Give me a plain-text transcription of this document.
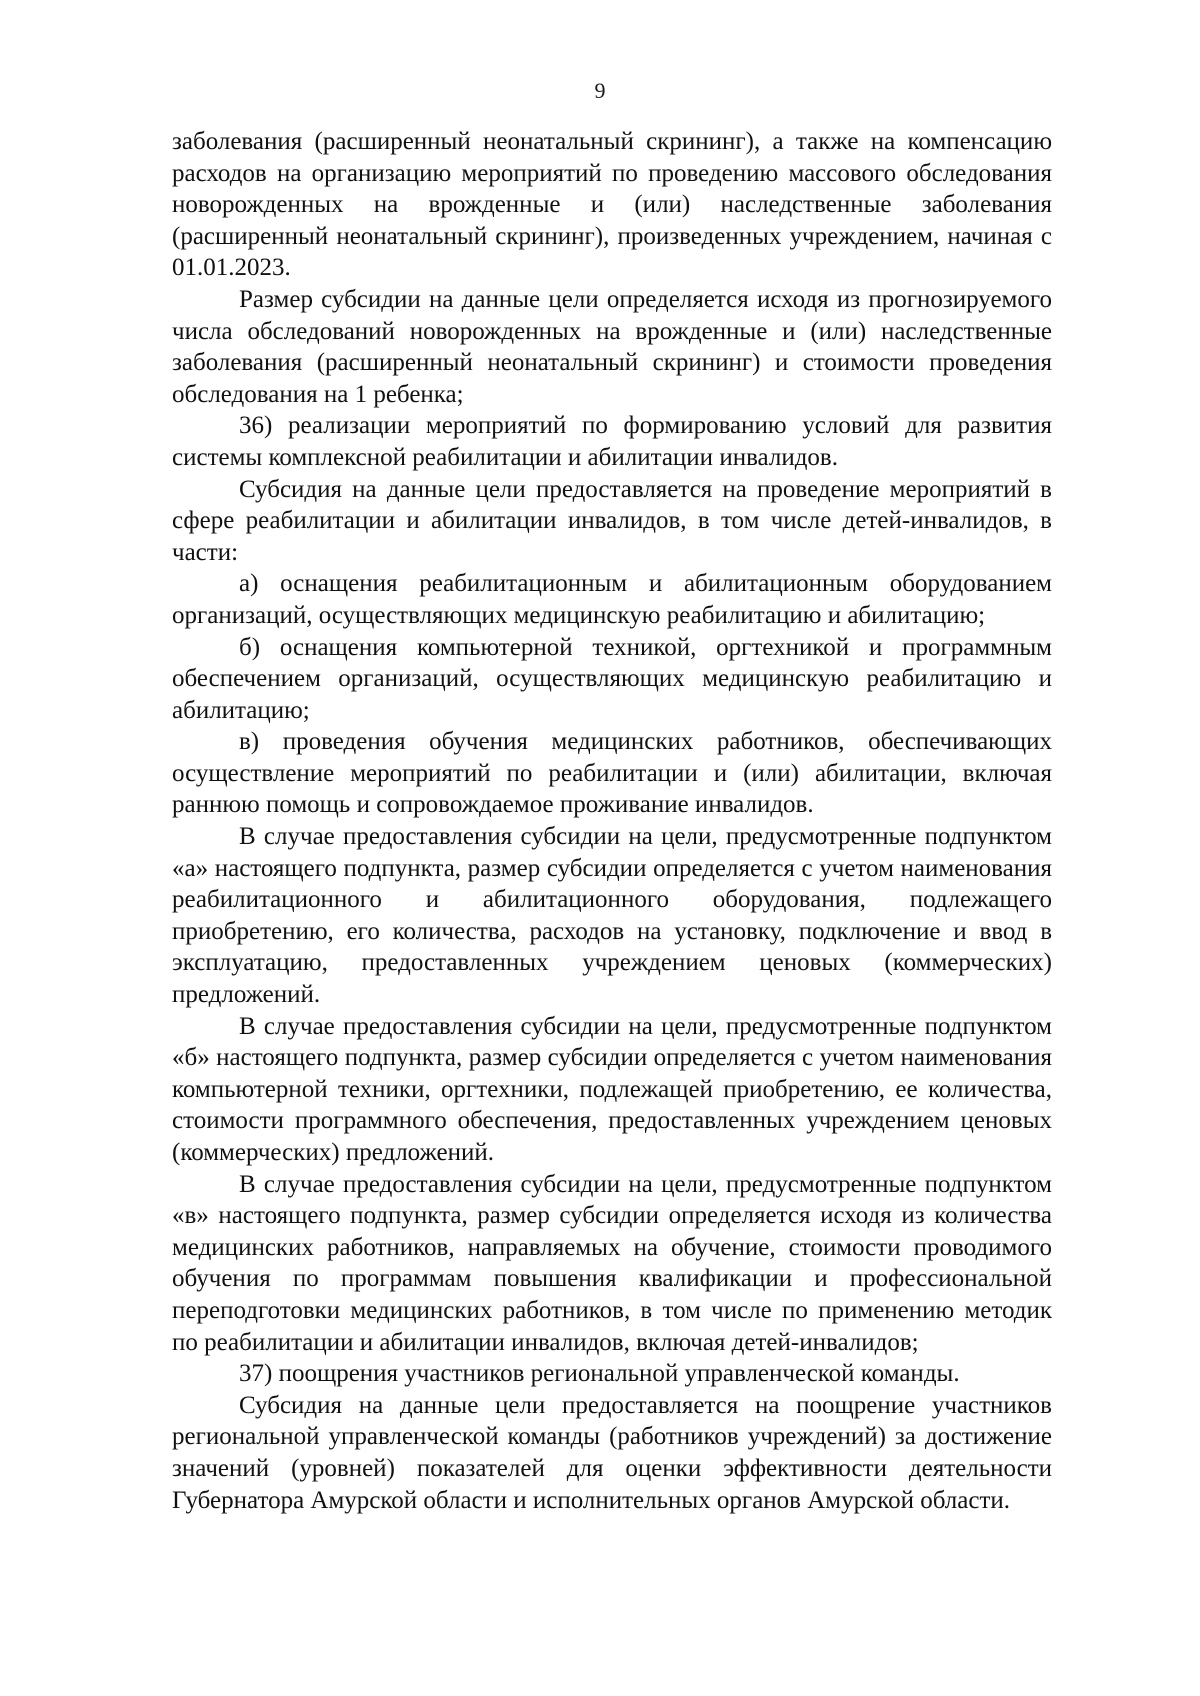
9

заболевания (расширенный неонатальный скрининг), а также на компенсацию расходов на организацию мероприятий по проведению массового обследования новорожденных на врожденные и (или) наследственные заболевания (расширенный неонатальный скрининг), произведенных учреждением, начиная с 01.01.2023.

Размер субсидии на данные цели определяется исходя из прогнозируемого числа обследований новорожденных на врожденные и (или) наследственные заболевания (расширенный неонатальный скрининг) и стоимости проведения обследования на 1 ребенка;

36) реализации мероприятий по формированию условий для развития системы комплексной реабилитации и абилитации инвалидов.

Субсидия на данные цели предоставляется на проведение мероприятий в сфере реабилитации и абилитации инвалидов, в том числе детей-инвалидов, в части:

а) оснащения реабилитационным и абилитационным оборудованием организаций, осуществляющих медицинскую реабилитацию и абилитацию;

б) оснащения компьютерной техникой, оргтехникой и программным обеспечением организаций, осуществляющих медицинскую реабилитацию и абилитацию;

в) проведения обучения медицинских работников, обеспечивающих осуществление мероприятий по реабилитации и (или) абилитации, включая раннюю помощь и сопровождаемое проживание инвалидов.

В случае предоставления субсидии на цели, предусмотренные подпунктом «а» настоящего подпункта, размер субсидии определяется с учетом наименования реабилитационного и абилитационного оборудования, подлежащего приобретению, его количества, расходов на установку, подключение и ввод в эксплуатацию, предоставленных учреждением ценовых (коммерческих) предложений.

В случае предоставления субсидии на цели, предусмотренные подпунктом «б» настоящего подпункта, размер субсидии определяется с учетом наименования компьютерной техники, оргтехники, подлежащей приобретению, ее количества, стоимости программного обеспечения, предоставленных учреждением ценовых (коммерческих) предложений.

В случае предоставления субсидии на цели, предусмотренные подпунктом «в» настоящего подпункта, размер субсидии определяется исходя из количества медицинских работников, направляемых на обучение, стоимости проводимого обучения по программам повышения квалификации и профессиональной переподготовки медицинских работников, в том числе по применению методик по реабилитации и абилитации инвалидов, включая детей-инвалидов;

37) поощрения участников региональной управленческой команды.

Субсидия на данные цели предоставляется на поощрение участников региональной управленческой команды (работников учреждений) за достижение значений (уровней) показателей для оценки эффективности деятельности Губернатора Амурской области и исполнительных органов Амурской области.
